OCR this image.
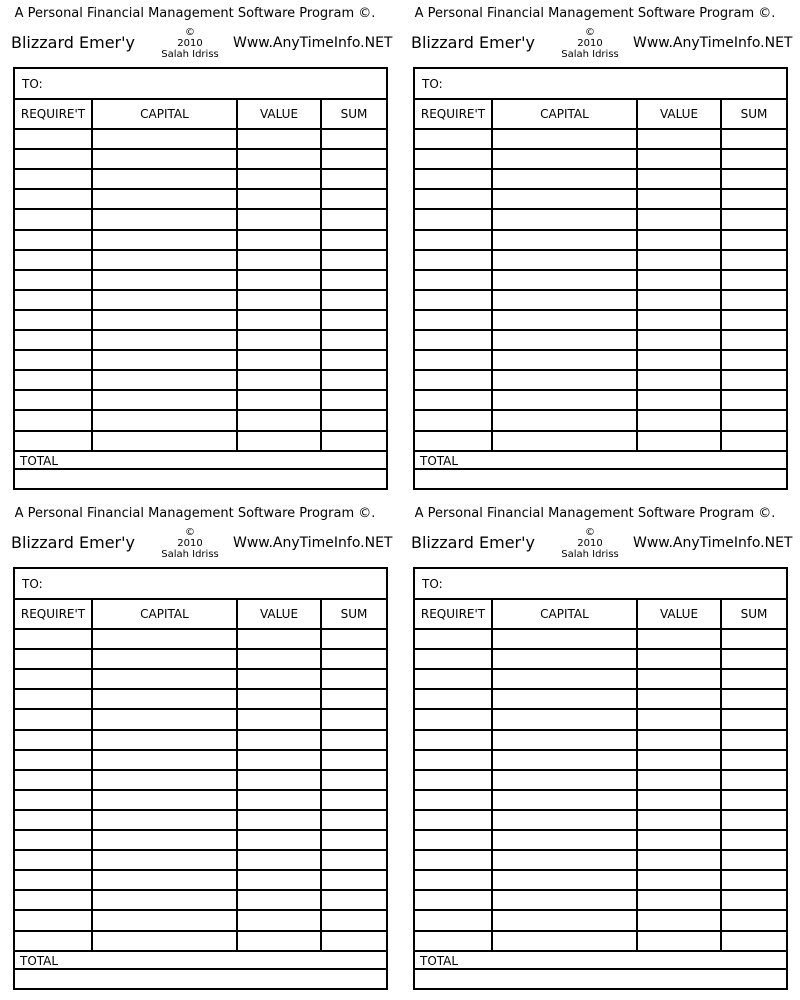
A Personal Financial Management Software Program ©.
Blizzard Emer'y
©
2010
Salah Idriss
Www.AnyTimeInfo.NET
TO:
REQUIRE'T	CAPITAL	VALUE	SUM
TOTAL
A Personal Financial Management Software Program ©.
Blizzard Emer'y
©
2010
Salah Idriss
Www.AnyTimeInfo.NET
TO:
REQUIRE'T	CAPITAL	VALUE	SUM
TOTAL
A Personal Financial Management Software Program ©.
Blizzard Emer'y
©
2010
Salah Idriss
Www.AnyTimeInfo.NET
TO:
REQUIRE'T	CAPITAL	VALUE	SUM
TOTAL
A Personal Financial Management Software Program ©.
Blizzard Emer'y
©
2010
Salah Idriss
Www.AnyTimeInfo.NET
TO:
REQUIRE'T	CAPITAL	VALUE	SUM
TOTAL
